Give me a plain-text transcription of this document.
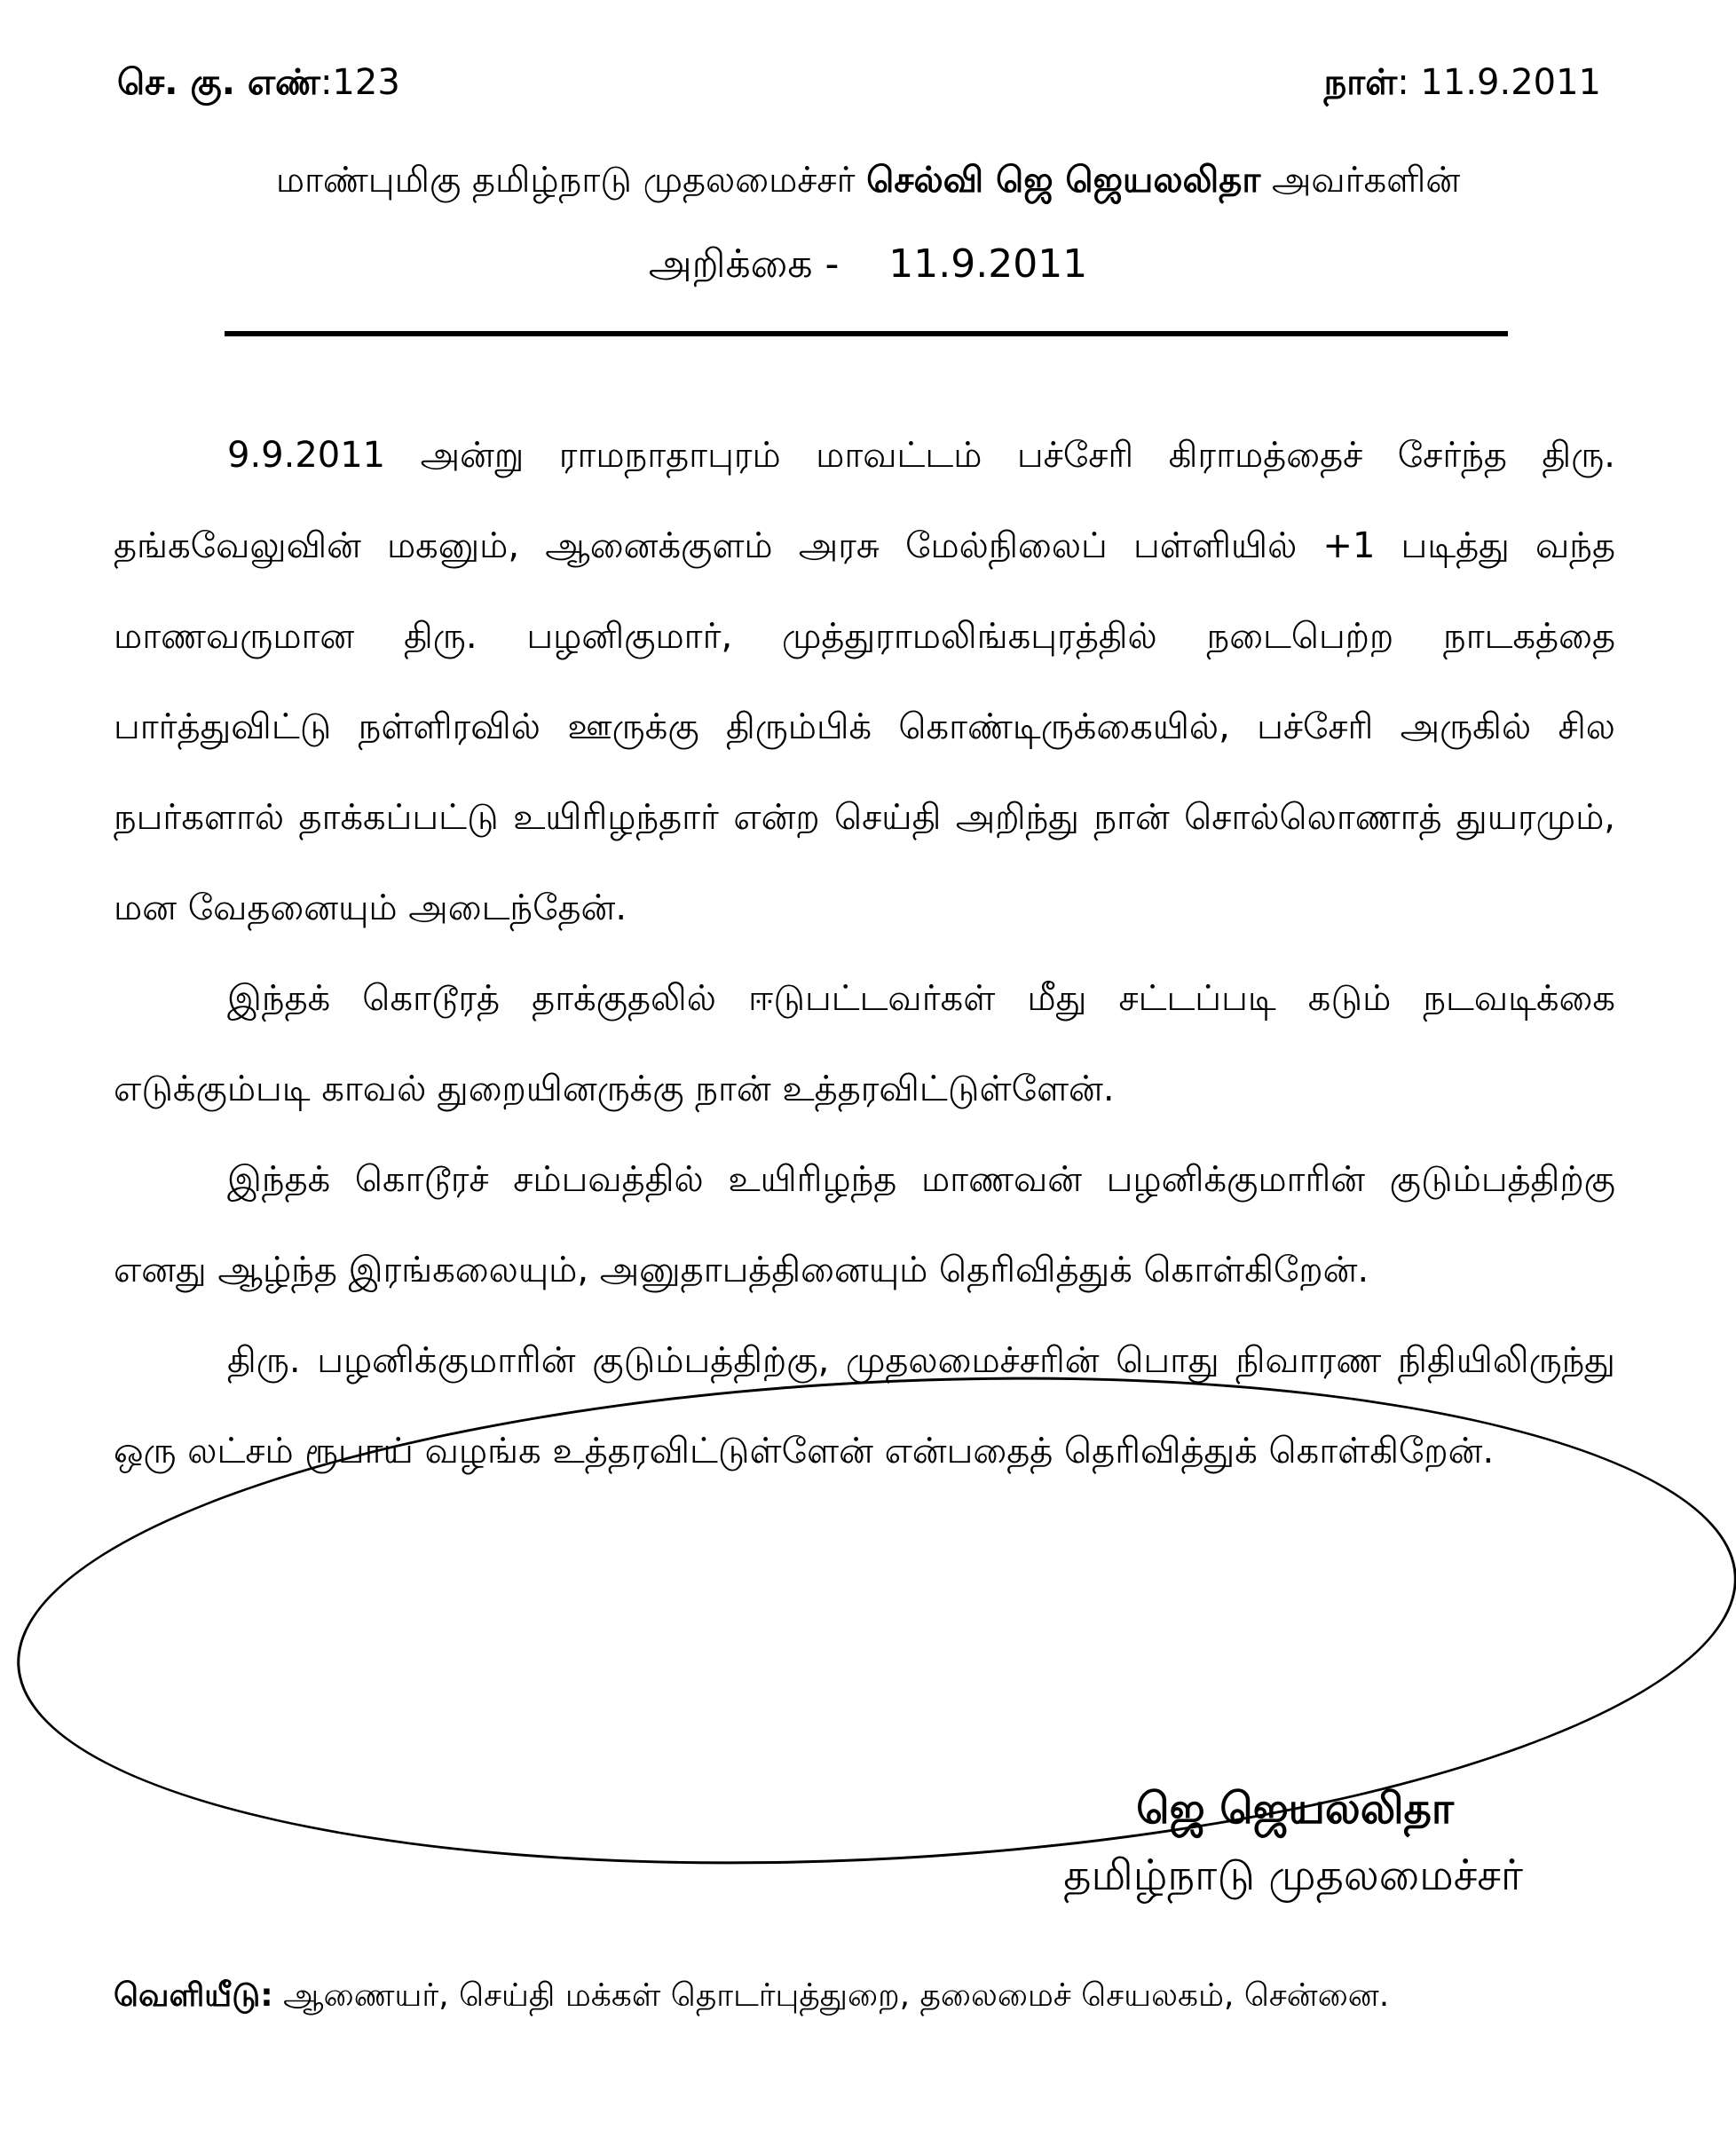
செ. கு. எண்:123	நாள்: 11.9.2011
மாண்புமிகு தமிழ்நாடு முதலமைச்சர் செல்வி ஜெ ஜெயலலிதா அவர்களின்
அறிக்கை -    11.9.2011

9.9.2011 அன்று ராமநாதாபுரம் மாவட்டம் பச்சேரி கிராமத்தைச் சேர்ந்த திரு. தங்கவேலுவின் மகனும், ஆனைக்குளம் அரசு மேல்நிலைப் பள்ளியில் +1 படித்து வந்த மாணவருமான திரு. பழனிகுமார், முத்துராமலிங்கபுரத்தில் நடைபெற்ற நாடகத்தை பார்த்துவிட்டு நள்ளிரவில் ஊருக்கு திரும்பிக் கொண்டிருக்கையில், பச்சேரி அருகில் சில நபர்களால் தாக்கப்பட்டு உயிரிழந்தார் என்ற செய்தி அறிந்து நான் சொல்லொணாத் துயரமும், மன வேதனையும் அடைந்தேன்.

இந்தக் கொடூரத் தாக்குதலில் ஈடுபட்டவர்கள் மீது சட்டப்படி கடும் நடவடிக்கை எடுக்கும்படி காவல் துறையினருக்கு நான் உத்தரவிட்டுள்ளேன்.

இந்தக் கொடூரச் சம்பவத்தில் உயிரிழந்த மாணவன் பழனிக்குமாரின் குடும்பத்திற்கு எனது ஆழ்ந்த இரங்கலையும், அனுதாபத்தினையும் தெரிவித்துக் கொள்கிறேன்.

திரு. பழனிக்குமாரின் குடும்பத்திற்கு, முதலமைச்சரின் பொது நிவாரண நிதியிலிருந்து ஒரு லட்சம் ரூபாய் வழங்க உத்தரவிட்டுள்ளேன் என்பதைத் தெரிவித்துக் கொள்கிறேன்.

ஜெ ஜெயலலிதா
தமிழ்நாடு முதலமைச்சர்
வெளியீடு: ஆணையர், செய்தி மக்கள் தொடர்புத்துறை, தலைமைச் செயலகம், சென்னை.
